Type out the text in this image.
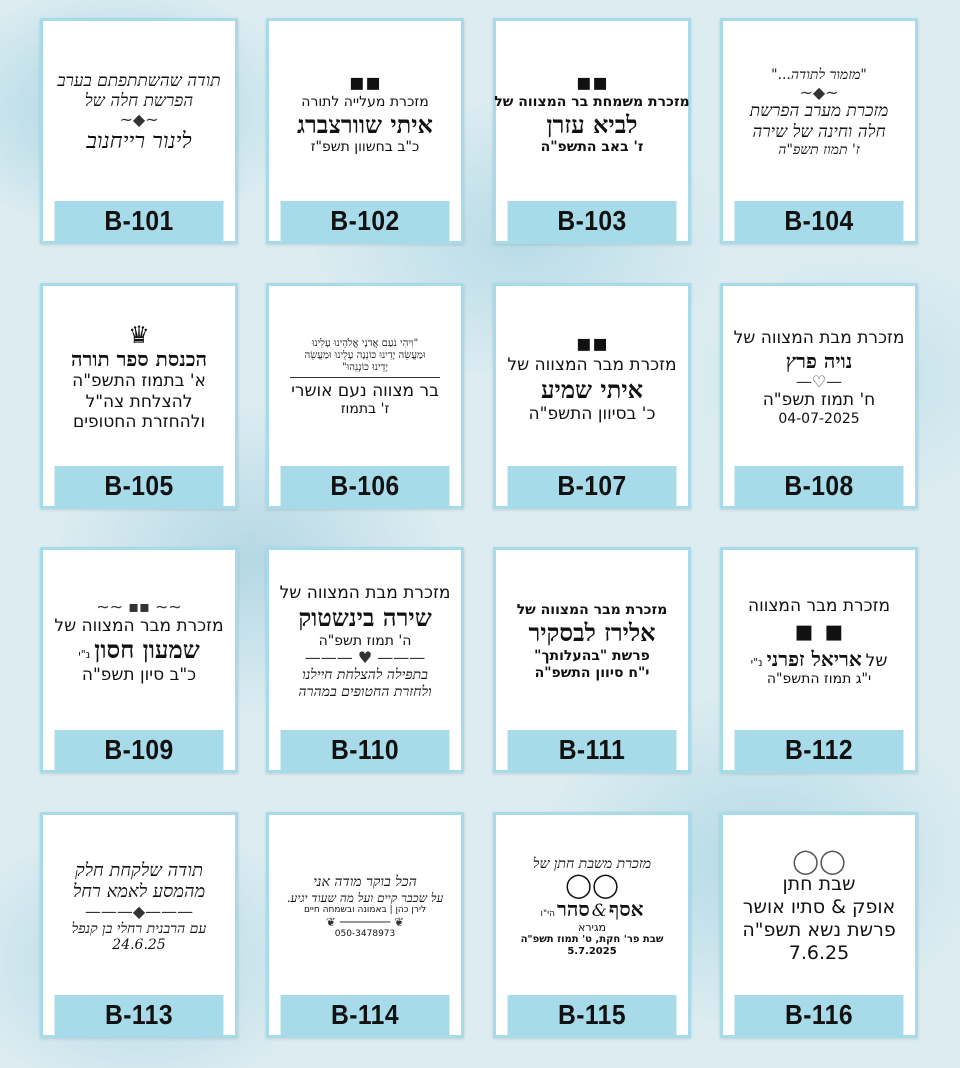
תודה שהשתתפתם בערב
הפרשת חלה של
~◆~
לינור רייחנוב
B-101
▪▪
מזכרת מעלייה לתורה
איתי שוורצברג
כ"ב בחשוון תשפ"ז
B-102
▪▪
מזכרת משמחת בר המצווה של
לביא עזרן
ז' באב התשפ"ה
B-103
"מזמור לתודה..."
~◆~
מזכרת מערב הפרשת
חלה וחינה של שירה
ז' תמוז תשפ"ה
B-104
♛
הכנסת ספר תורה
א' בתמוז התשפ"ה
להצלחת צה"ל
ולהחזרת החטופים
B-105
"וִיהִי נֹעַם אֲדֹנָי אֱלֹהֵינוּ עָלֵינוּ
וּמַעֲשֵׂה יָדֵינוּ כּוֹנְנָה עָלֵינוּ וּמַעֲשֵׂה
יָדֵינוּ כּוֹנְנֵהוּ"
בר מצווה נעם אושרי
ז' בתמוז
B-106
▪▪
מזכרת מבר המצווה של
איתי שמיע
כ' בסיוון התשפ"ה
B-107
מזכרת מבת המצווה של
נויה פרץ
—♡—
ח' תמוז תשפ"ה
04-07-2025
B-108
∽∽ ▪▪ ∽∽
מזכרת מבר המצווה של
שמעון חסון
נ"י
כ"ב סיון תשפ"ה
B-109
מזכרת מבת המצווה של
שירה בינשטוק
ה' תמוז תשפ"ה
——— ♥ ———
בתפילה להצלחת חיילנו
ולחזרת החטופים במהרה
B-110
מזכרת מבר המצווה של
אלירז לבסקיר
פרשת "בהעלותך"
י"ח סיוון התשפ"ה
B-111
מזכרת מבר המצווה
▪ ▪
של
אריאל זפרני
נ"י
י"ג תמוז התשפ"ה
B-112
תודה שלקחת חלק
מהמסע לאמא רחל
———◆———
עם הרבנית רחלי בן קנפל
24.6.25
B-113
הכל בוקר מודה אני
על שכבר קיים ועל מה שעוד יגיע.
לירן כהן | באמונה ובשמחה חיים
❦ ─────── ❦
050-3478973
B-114
מזכרת משבת חתן של
◯◯
אסף
&
סהר
הי"ו
מגירא
שבת פר' חקת, ט' תמוז תשפ"ה
5.7.2025
B-115
◯◯
שבת חתן
אופק & סתיו אושר
פרשת נשא תשפ"ה
7.6.25
B-116
